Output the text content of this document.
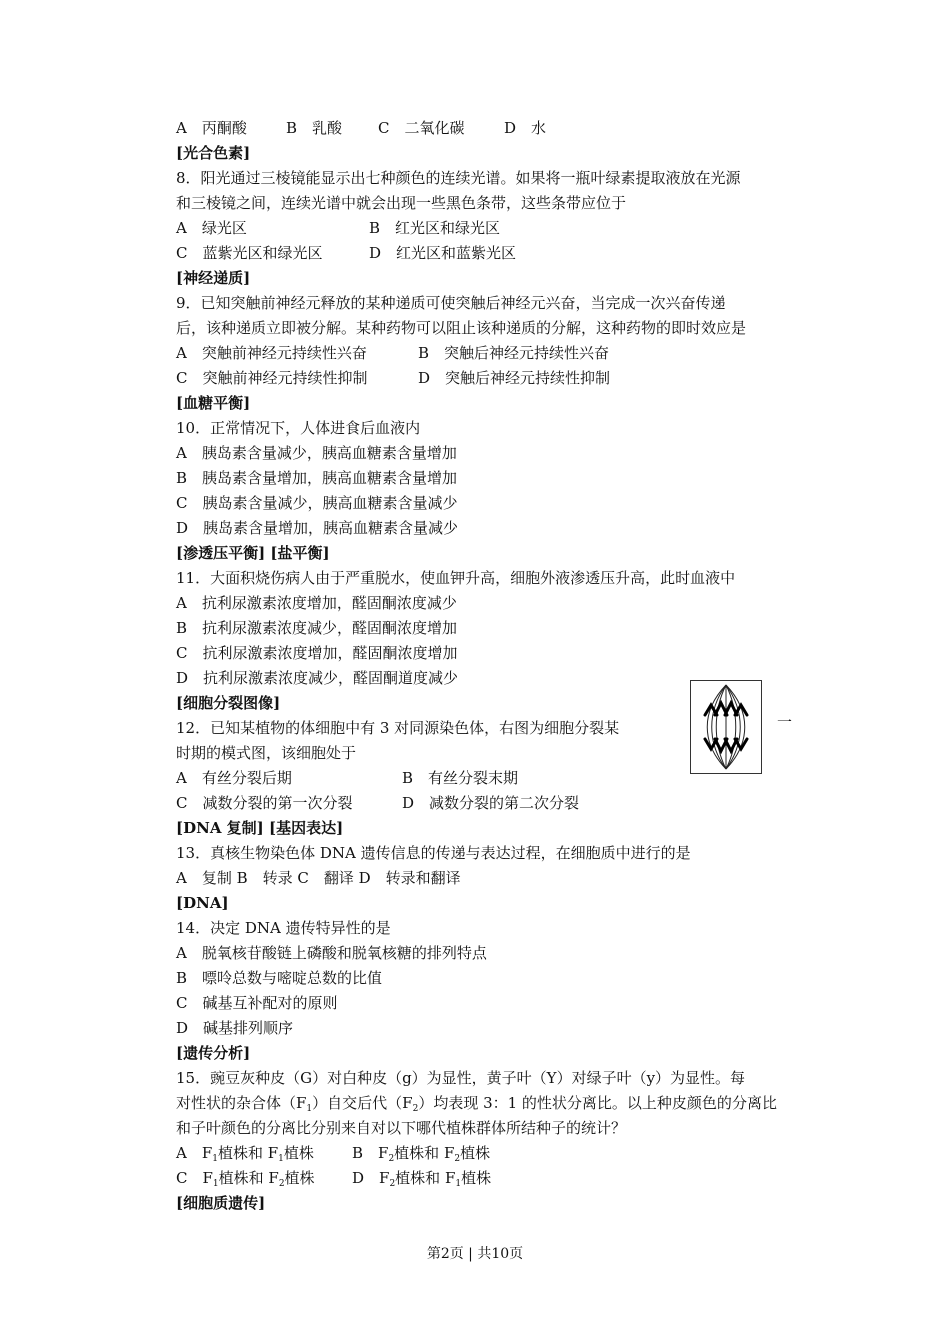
A　丙酮酸	B　乳酸 C　二氧化碳	D　水
[光合色素]
8．阳光通过三棱镜能显示出七种颜色的连续光谱。如果将一瓶叶绿素提取液放在光源
和三棱镜之间，连续光谱中就会出现一些黑色条带，这些条带应位于
A　绿光区	B　红光区和绿光区
C　蓝紫光区和绿光区	D　红光区和蓝紫光区
[神经递质]
9．已知突触前神经元释放的某种递质可使突触后神经元兴奋，当完成一次兴奋传递
后，该种递质立即被分解。某种药物可以阻止该种递质的分解，这种药物的即时效应是
A　突触前神经元持续性兴奋	B　突触后神经元持续性兴奋
C　突触前神经元持续性抑制	D　突触后神经元持续性抑制
[血糖平衡]
10．正常情况下，人体进食后血液内
A　胰岛素含量减少，胰高血糖素含量增加
B　胰岛素含量增加，胰高血糖素含量增加
C　胰岛素含量减少，胰高血糖素含量减少
D　胰岛素含量增加，胰高血糖素含量减少
[渗透压平衡] [盐平衡]
11．大面积烧伤病人由于严重脱水，使血钾升高，细胞外液渗透压升高，此时血液中
A　抗利尿激素浓度增加，醛固酮浓度减少
B　抗利尿激素浓度减少，醛固酮浓度增加
C　抗利尿激素浓度增加，醛固酮浓度增加
D　抗利尿激素浓度减少，醛固酮道度减少
[细胞分裂图像]
12．已知某植物的体细胞中有 3 对同源染色体，右图为细胞分裂某	一
时期的模式图，该细胞处于
A　有丝分裂后期	B　有丝分裂末期
C　减数分裂的第一次分裂	D　减数分裂的第二次分裂
[DNA 复制] [基因表达]
13．真核生物染色体 DNA 遗传信息的传递与表达过程，在细胞质中进行的是
A　复制 B　转录 C　翻译 D　转录和翻译
[DNA]
14．决定 DNA 遗传特异性的是
A　脱氧核苷酸链上磷酸和脱氧核糖的排列特点
B　嘌呤总数与嘧啶总数的比值
C　碱基互补配对的原则
D　碱基排列顺序
[遗传分析]
15．豌豆灰种皮（G）对白种皮（g）为显性，黄子叶（Y）对绿子叶（y）为显性。每
对性状的杂合体$(F_1)$自交后代$(F_2)$均表现 3：1 的性状分离比。以上种皮颜色的分离比
和子叶颜色的分离比分别来自对以下哪代植株群体所结种子的统计？
A　$F_1$植株和 $F_1$植株	B　$F_2$植株和 $F_2$植株
C　$F_1$植株和 $F_2$植株 D　$F_2$植株和 $F_1$植株
[细胞质遗传]
第2页 | 共10页
